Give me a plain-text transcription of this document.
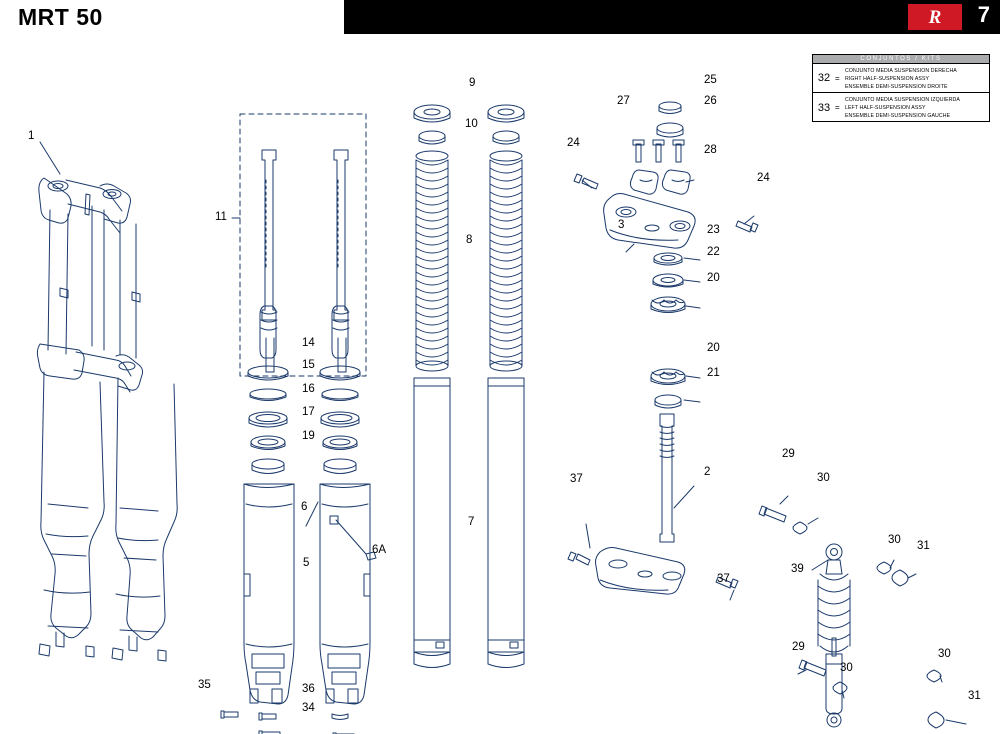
MRT 50	R 7
CONJUNTOS / KITS
32 =
CONJUNTO MEDIA SUSPENSION DERECHA
RIGHT HALF-SUSPENSION ASSY
ENSEMBLE DEMI-SUSPENSION DROITE
33 =
CONJUNTO MEDIA SUSPENSION IZQUIERDA
LEFT HALF-SUSPENSION ASSY
ENSEMBLE DEMI-SUSPENSION GAUCHE
1
2
3
5
6
6A
7
8
9
10
11
14
15
16
17
19
20
20
21
22
23
24
24
25
26
27
28
29
29
30
30
30
30
31
31
34
35	36
37
37
39
